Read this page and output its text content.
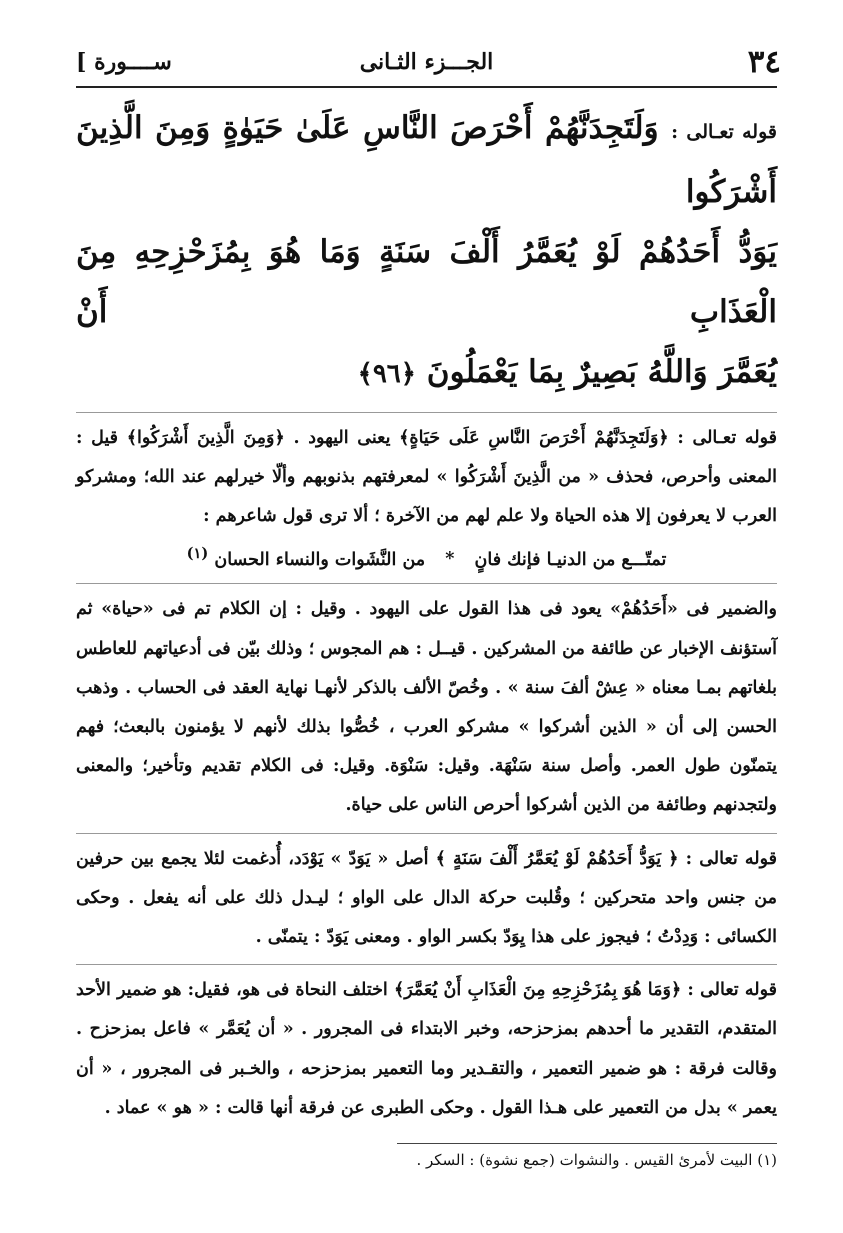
٣٤
الجـــزء الثـانى
[ ســــورة
قوله تعـالى : وَلَتَجِدَنَّهُمْ أَحْرَصَ النَّاسِ عَلَىٰ حَيَوٰةٍ وَمِنَ الَّذِينَ أَشْرَكُوا
يَوَدُّ أَحَدُهُمْ لَوْ يُعَمَّرُ أَلْفَ سَنَةٍ وَمَا هُوَ بِمُزَحْزِحِهِ مِنَ الْعَذَابِ أَنْ
يُعَمَّرَ وَاللَّهُ بَصِيرٌ بِمَا يَعْمَلُونَ ﴿٩٦﴾
قوله تعـالى : ﴿وَلَتَجِدَنَّهُمْ أَحْرَصَ النَّاسِ عَلَى حَيَاةٍ﴾ يعنى اليهود . ﴿وَمِنَ الَّذِينَ أَشْرَكُوا﴾ قيل : المعنى وأحرص، فحذف « من الَّذِينَ أَشْرَكُوا » لمعرفتهم بذنوبهم وألّا خيرلهم عند الله؛ ومشركو العرب لا يعرفون إلا هذه الحياة ولا علم لهم من الآخرة ؛ ألا ترى قول شاعرهم :
تمتّـــع من الدنيـا فإنك فانٍ * من النَّشَوات والنساء الحسان $^{(١)}$
والضمير فى «أَحَدُهُمْ» يعود فى هذا القول على اليهود . وقيل : إن الكلام تم فى «حياة» ثم آستؤنف الإخبار عن طائفة من المشركين . قيــل : هم المجوس ؛ وذلك بيّن فى أدعياتهم للعاطس بلغاتهم بمـا معناه « عِشْ ألفَ سنة » . وخُصّ الألف بالذكر لأنهـا نهاية العقد فى الحساب . وذهب الحسن إلى أن « الذين أشركوا » مشركو العرب ، خُصُّوا بذلك لأنهم لا يؤمنون بالبعث؛ فهم يتمنّون طول العمر. وأصل سنة سَنْهَة. وقيل: سَنْوَة. وقيل: فى الكلام تقديم وتأخير؛ والمعنى ولتجدنهم وطائفة من الذين أشركوا أحرص الناس على حياة.
قوله تعالى : ﴿ يَوَدُّ أَحَدُهُمْ لَوْ يُعَمَّرُ أَلْفَ سَنَةٍ ﴾ أصل « يَوَدّ » يَوْدَد، أُدغمت لئلا يجمع بين حرفين من جنس واحد متحركين ؛ وقُلبت حركة الدال على الواو ؛ ليـدل ذلك على أنه يفعل . وحكى الكسائى : وَدِدْتُ ؛ فيجوز على هذا يِوَدّ بكسر الواو . ومعنى يَوَدّ : يتمنّى .
قوله تعالى : ﴿وَمَا هُوَ بِمُزَحْزِحِهِ مِنَ الْعَذَابِ أَنْ يُعَمَّرَ﴾ اختلف النحاة فى هو، فقيل: هو ضمير الأحد المتقدم، التقدير ما أحدهم بمزحزحه، وخبر الابتداء فى المجرور . « أن يُعَمَّر » فاعل بمزحزح . وقالت فرقة : هو ضمير التعمير ، والتقـدير وما التعمير بمزحزحه ، والخـبر فى المجرور ، « أن يعمر » بدل من التعمير على هـذا القول . وحكى الطبرى عن فرقة أنها قالت : « هو » عماد .
(١) البيت لأمرئ القيس . والنشوات (جمع نشوة) : السكر .
